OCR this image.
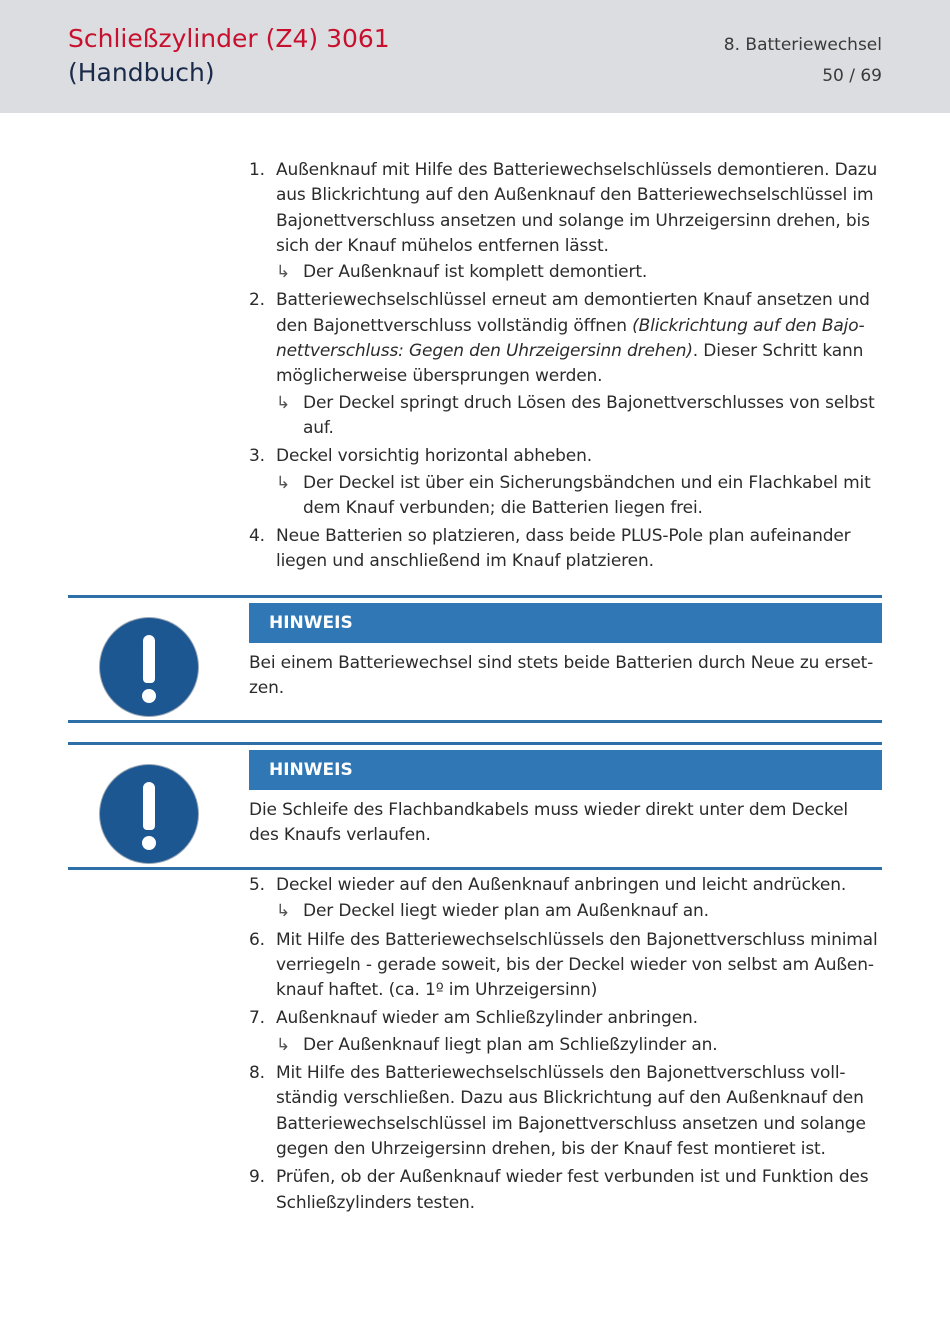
Schließzylinder (Z4) 3061
(Handbuch)
8. Batteriewechsel
50 / 69
1. Außenknauf mit Hilfe des Batteriewechselschlüssels demontieren. Dazu aus Blickrichtung auf den Außenknauf den Batteriewechselschlüssel im Bajonettverschluss ansetzen und solange im Uhrzeigersinn drehen, bis sich der Knauf mühelos entfernen lässt.
↳ Der Außenknauf ist komplett demontiert.
2. Batteriewechselschlüssel erneut am demontierten Knauf ansetzen und den Bajonettverschluss vollständig öffnen (Blickrichtung auf den Bajonettverschluss: Gegen den Uhrzeigersinn drehen). Dieser Schritt kann möglicherweise übersprungen werden.
↳ Der Deckel springt druch Lösen des Bajonettverschlusses von selbst auf.
3. Deckel vorsichtig horizontal abheben.
↳ Der Deckel ist über ein Sicherungsbändchen und ein Flachkabel mit dem Knauf verbunden; die Batterien liegen frei.
4. Neue Batterien so platzieren, dass beide PLUS-Pole plan aufeinander liegen und anschließend im Knauf platzieren.
HINWEIS
Bei einem Batteriewechsel sind stets beide Batterien durch Neue zu ersetzen.
HINWEIS
Die Schleife des Flachbandkabels muss wieder direkt unter dem Deckel des Knaufs verlaufen.
5. Deckel wieder auf den Außenknauf anbringen und leicht andrücken.
↳ Der Deckel liegt wieder plan am Außenknauf an.
6. Mit Hilfe des Batteriewechselschlüssels den Bajonettverschluss minimal verriegeln - gerade soweit, bis der Deckel wieder von selbst am Außenknauf haftet. (ca. 1º im Uhrzeigersinn)
7. Außenknauf wieder am Schließzylinder anbringen.
↳ Der Außenknauf liegt plan am Schließzylinder an.
8. Mit Hilfe des Batteriewechselschlüssels den Bajonettverschluss vollständig verschließen. Dazu aus Blickrichtung auf den Außenknauf den Batteriewechselschlüssel im Bajonettverschluss ansetzen und solange gegen den Uhrzeigersinn drehen, bis der Knauf fest montieret ist.
9. Prüfen, ob der Außenknauf wieder fest verbunden ist und Funktion des Schließzylinders testen.
